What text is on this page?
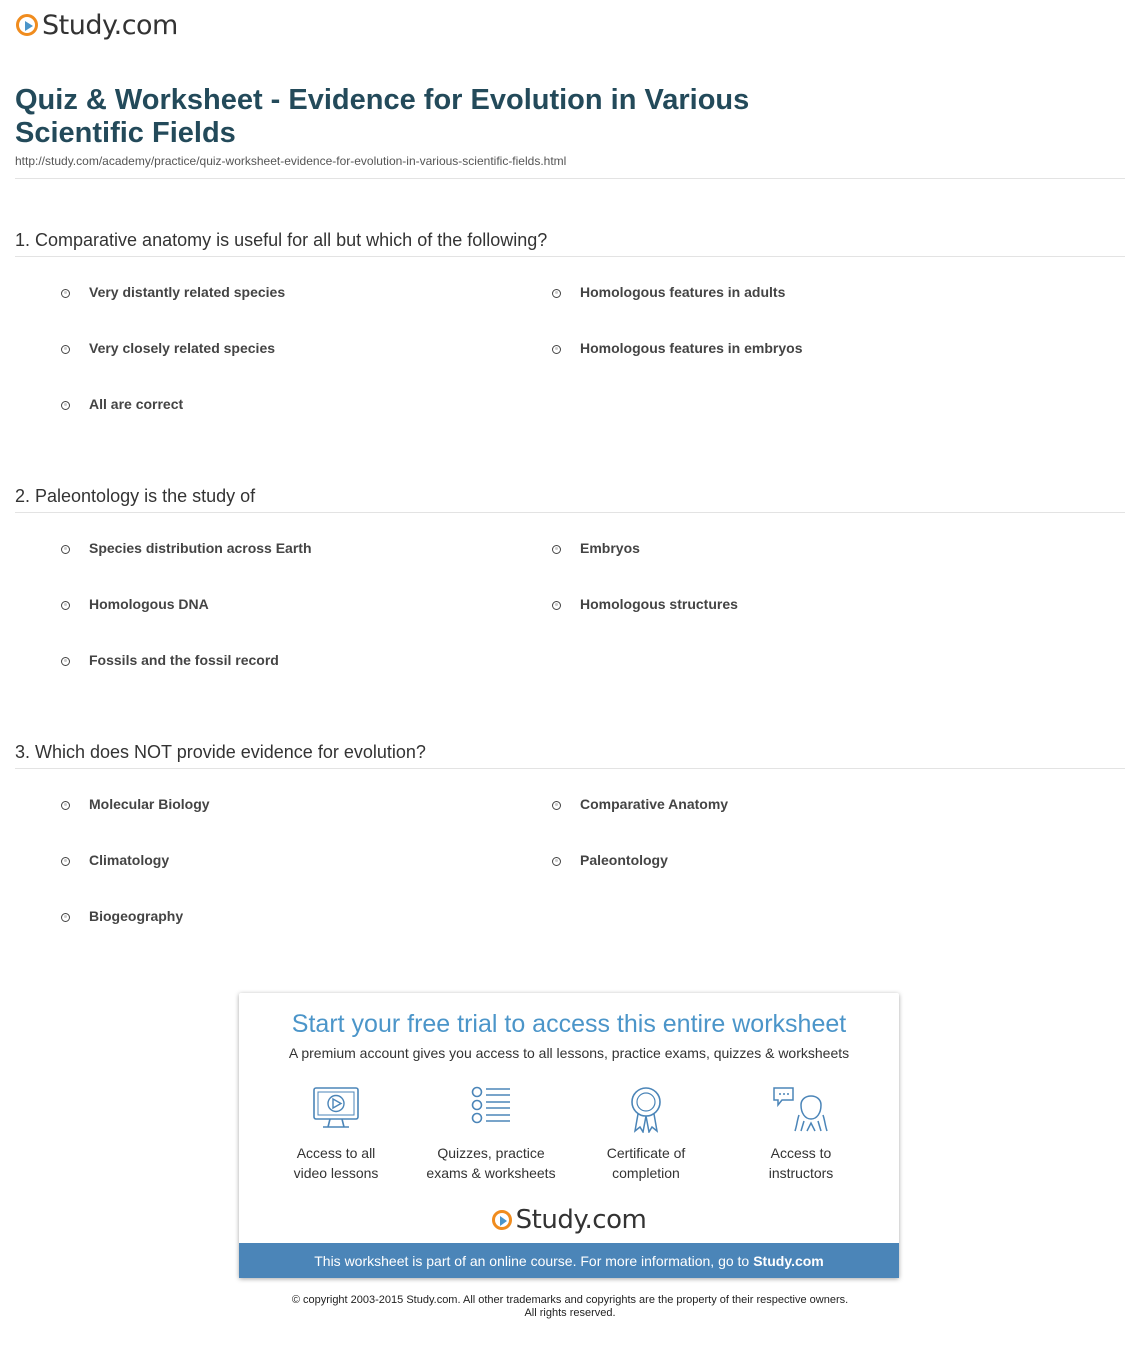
Study.com
Quiz & Worksheet - Evidence for Evolution in Various Scientific Fields
http://study.com/academy/practice/quiz-worksheet-evidence-for-evolution-in-various-scientific-fields.html
1. Comparative anatomy is useful for all but which of the following?
Very distantly related species	Homologous features in adults
Very closely related species	Homologous features in embryos
All are correct
2. Paleontology is the study of
Species distribution across Earth	Embryos
Homologous DNA	Homologous structures
Fossils and the fossil record
3. Which does NOT provide evidence for evolution?
Molecular Biology	Comparative Anatomy
Climatology	Paleontology
Biogeography
Start your free trial to access this entire worksheet
A premium account gives you access to all lessons, practice exams, quizzes & worksheets
Access to all
video lessons
Quizzes, practice
exams & worksheets
Certificate of
completion
Access to
instructors
Study.com
This worksheet is part of an online course. For more information, go to Study.com
© copyright 2003-2015 Study.com. All other trademarks and copyrights are the property of their respective owners.
All rights reserved.
